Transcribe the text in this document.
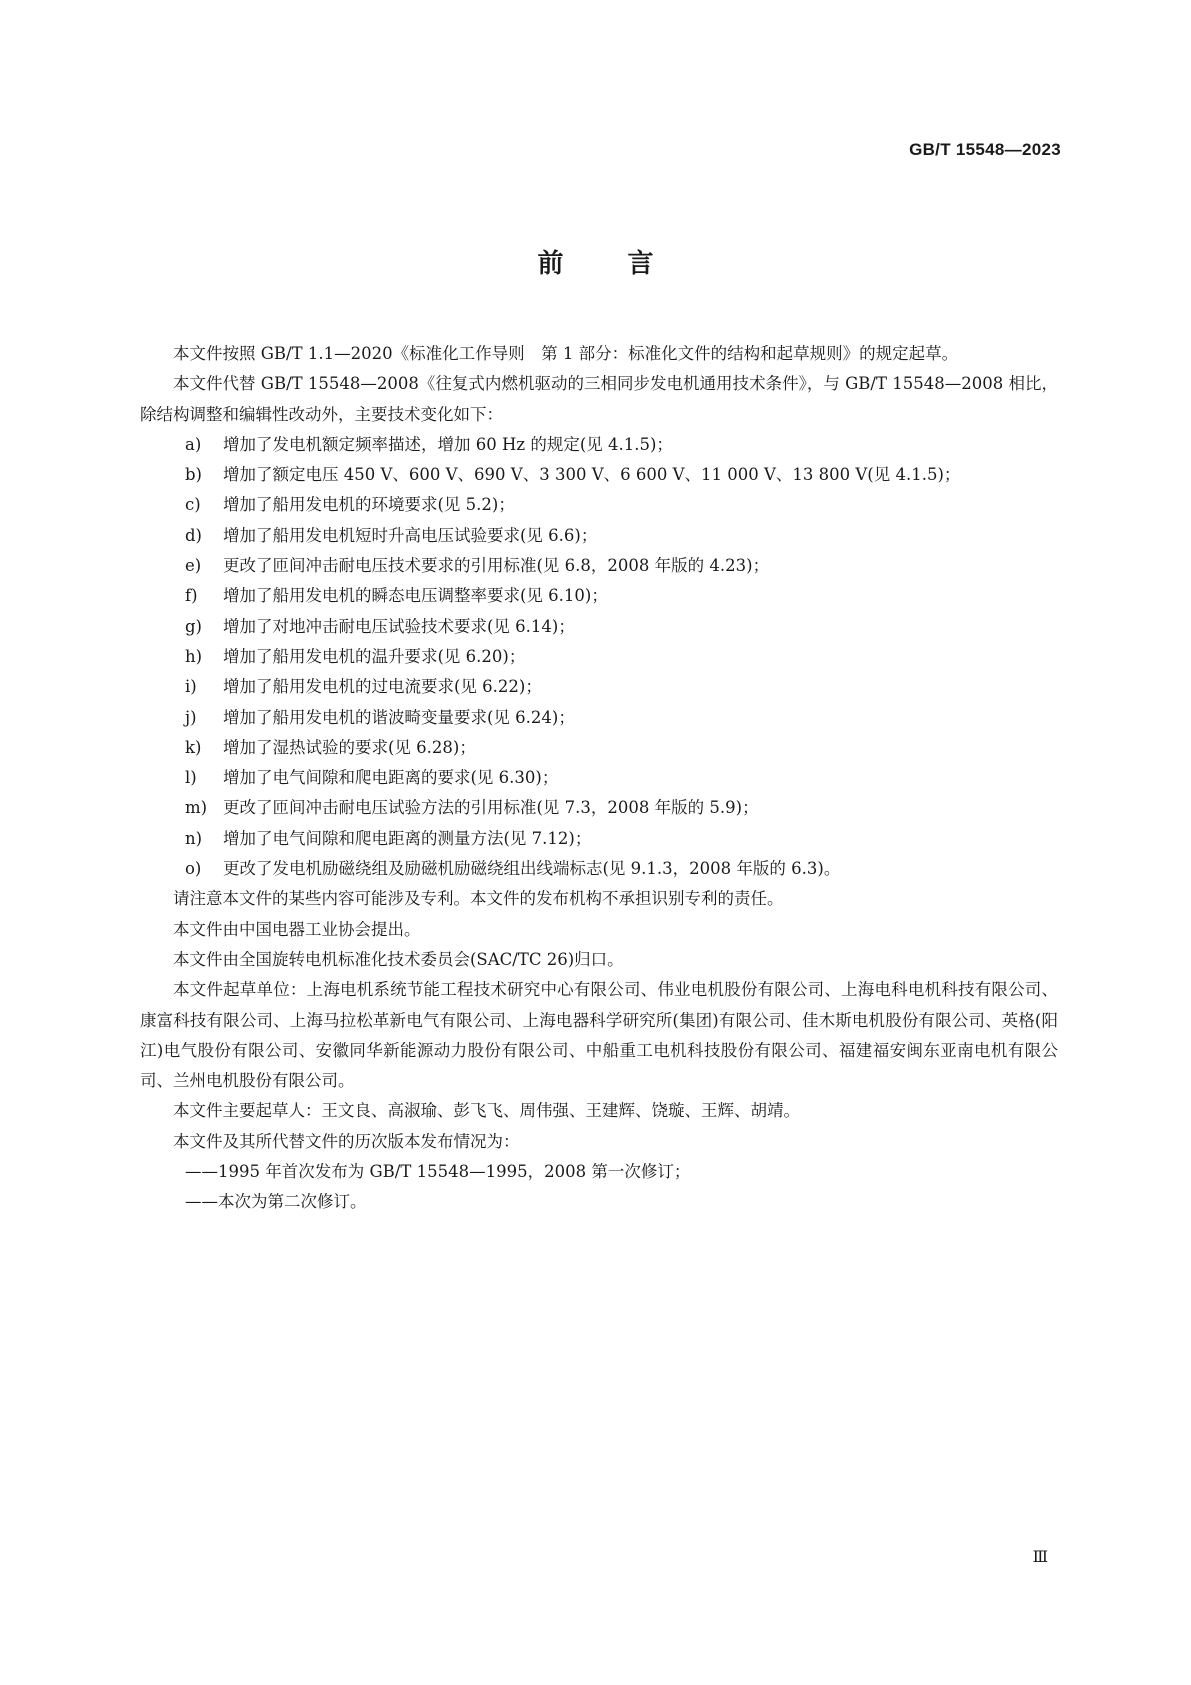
GB/T 15548—2023
前言

本文件按照 GB/T 1.1—2020《标准化工作导则　第 1 部分：标准化文件的结构和起草规则》的规定起草。

本文件代替 GB/T 15548—2008《往复式内燃机驱动的三相同步发电机通用技术条件》，与 GB/T 15548—2008 相比，除结构调整和编辑性改动外，主要技术变化如下：

a)	增加了发电机额定频率描述，增加 60 Hz 的规定(见 4.1.5)；
b)	增加了额定电压 450 V、600 V、690 V、3 300 V、6 600 V、11 000 V、13 800 V(见 4.1.5)；
c)	增加了船用发电机的环境要求(见 5.2)；
d)	增加了船用发电机短时升高电压试验要求(见 6.6)；
e)	更改了匝间冲击耐电压技术要求的引用标准(见 6.8，2008 年版的 4.23)；
f)	增加了船用发电机的瞬态电压调整率要求(见 6.10)；
g)	增加了对地冲击耐电压试验技术要求(见 6.14)；
h)	增加了船用发电机的温升要求(见 6.20)；
i)	增加了船用发电机的过电流要求(见 6.22)；
j)	增加了船用发电机的谐波畸变量要求(见 6.24)；
k)	增加了湿热试验的要求(见 6.28)；
l)	增加了电气间隙和爬电距离的要求(见 6.30)；
m) 更改了匝间冲击耐电压试验方法的引用标准(见 7.3，2008 年版的 5.9)；
n)	增加了电气间隙和爬电距离的测量方法(见 7.12)；
o)	更改了发电机励磁绕组及励磁机励磁绕组出线端标志(见 9.1.3，2008 年版的 6.3)。

请注意本文件的某些内容可能涉及专利。本文件的发布机构不承担识别专利的责任。

本文件由中国电器工业协会提出。

本文件由全国旋转电机标准化技术委员会(SAC/TC 26)归口。

本文件起草单位：上海电机系统节能工程技术研究中心有限公司、伟业电机股份有限公司、上海电科电机科技有限公司、康富科技有限公司、上海马拉松革新电气有限公司、上海电器科学研究所(集团)有限公司、佳木斯电机股份有限公司、英格(阳江)电气股份有限公司、安徽同华新能源动力股份有限公司、中船重工电机科技股份有限公司、福建福安闽东亚南电机有限公司、兰州电机股份有限公司。

本文件主要起草人：王文良、高淑瑜、彭飞飞、周伟强、王建辉、饶璇、王辉、胡靖。

本文件及其所代替文件的历次版本发布情况为：

——1995 年首次发布为 GB/T 15548—1995，2008 第一次修订；

——本次为第二次修订。

Ⅲ
